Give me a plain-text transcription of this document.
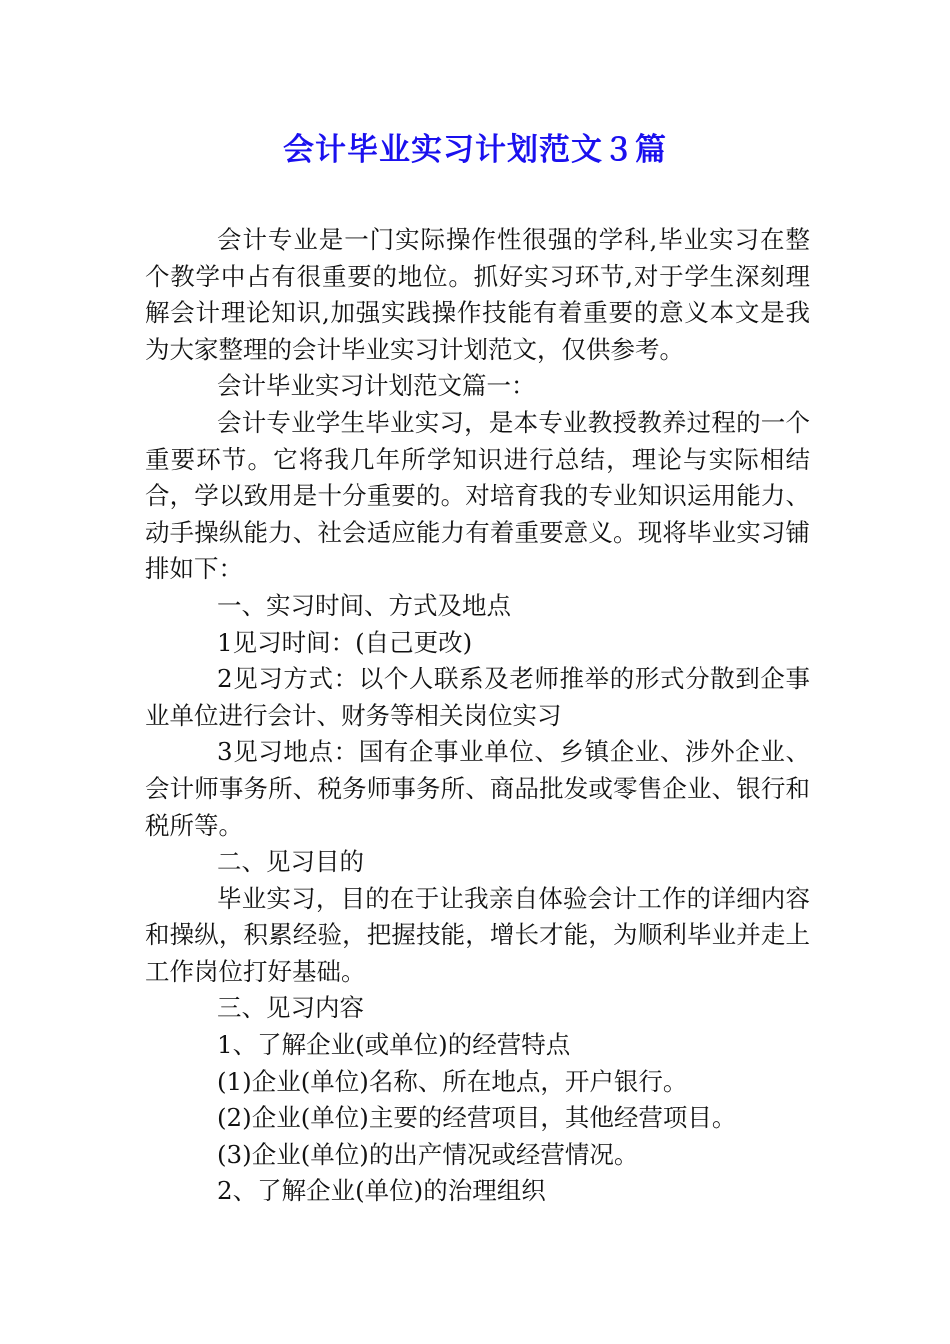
会计毕业实习计划范文３篇

会计专业是一门实际操作性很强的学科,毕业实习在整个教学中占有很重要的地位。抓好实习环节,对于学生深刻理解会计理论知识,加强实践操作技能有着重要的意义本文是我为大家整理的会计毕业实习计划范文，仅供参考。

会计毕业实习计划范文篇一：

会计专业学生毕业实习，是本专业教授教养过程的一个重要环节。它将我几年所学知识进行总结，理论与实际相结合，学以致用是十分重要的。对培育我的专业知识运用能力、动手操纵能力、社会适应能力有着重要意义。现将毕业实习铺排如下：

一、实习时间、方式及地点

1见习时间：(自己更改)

2见习方式：以个人联系及老师推举的形式分散到企事业单位进行会计、财务等相关岗位实习

3见习地点：国有企事业单位、乡镇企业、涉外企业、会计师事务所、税务师事务所、商品批发或零售企业、银行和税所等。

二、见习目的

毕业实习，目的在于让我亲自体验会计工作的详细内容和操纵，积累经验，把握技能，增长才能，为顺利毕业并走上工作岗位打好基础。

三、见习内容

1、了解企业(或单位)的经营特点

(1)企业(单位)名称、所在地点，开户银行。

(2)企业(单位)主要的经营项目，其他经营项目。

(3)企业(单位)的出产情况或经营情况。

2、了解企业(单位)的治理组织
